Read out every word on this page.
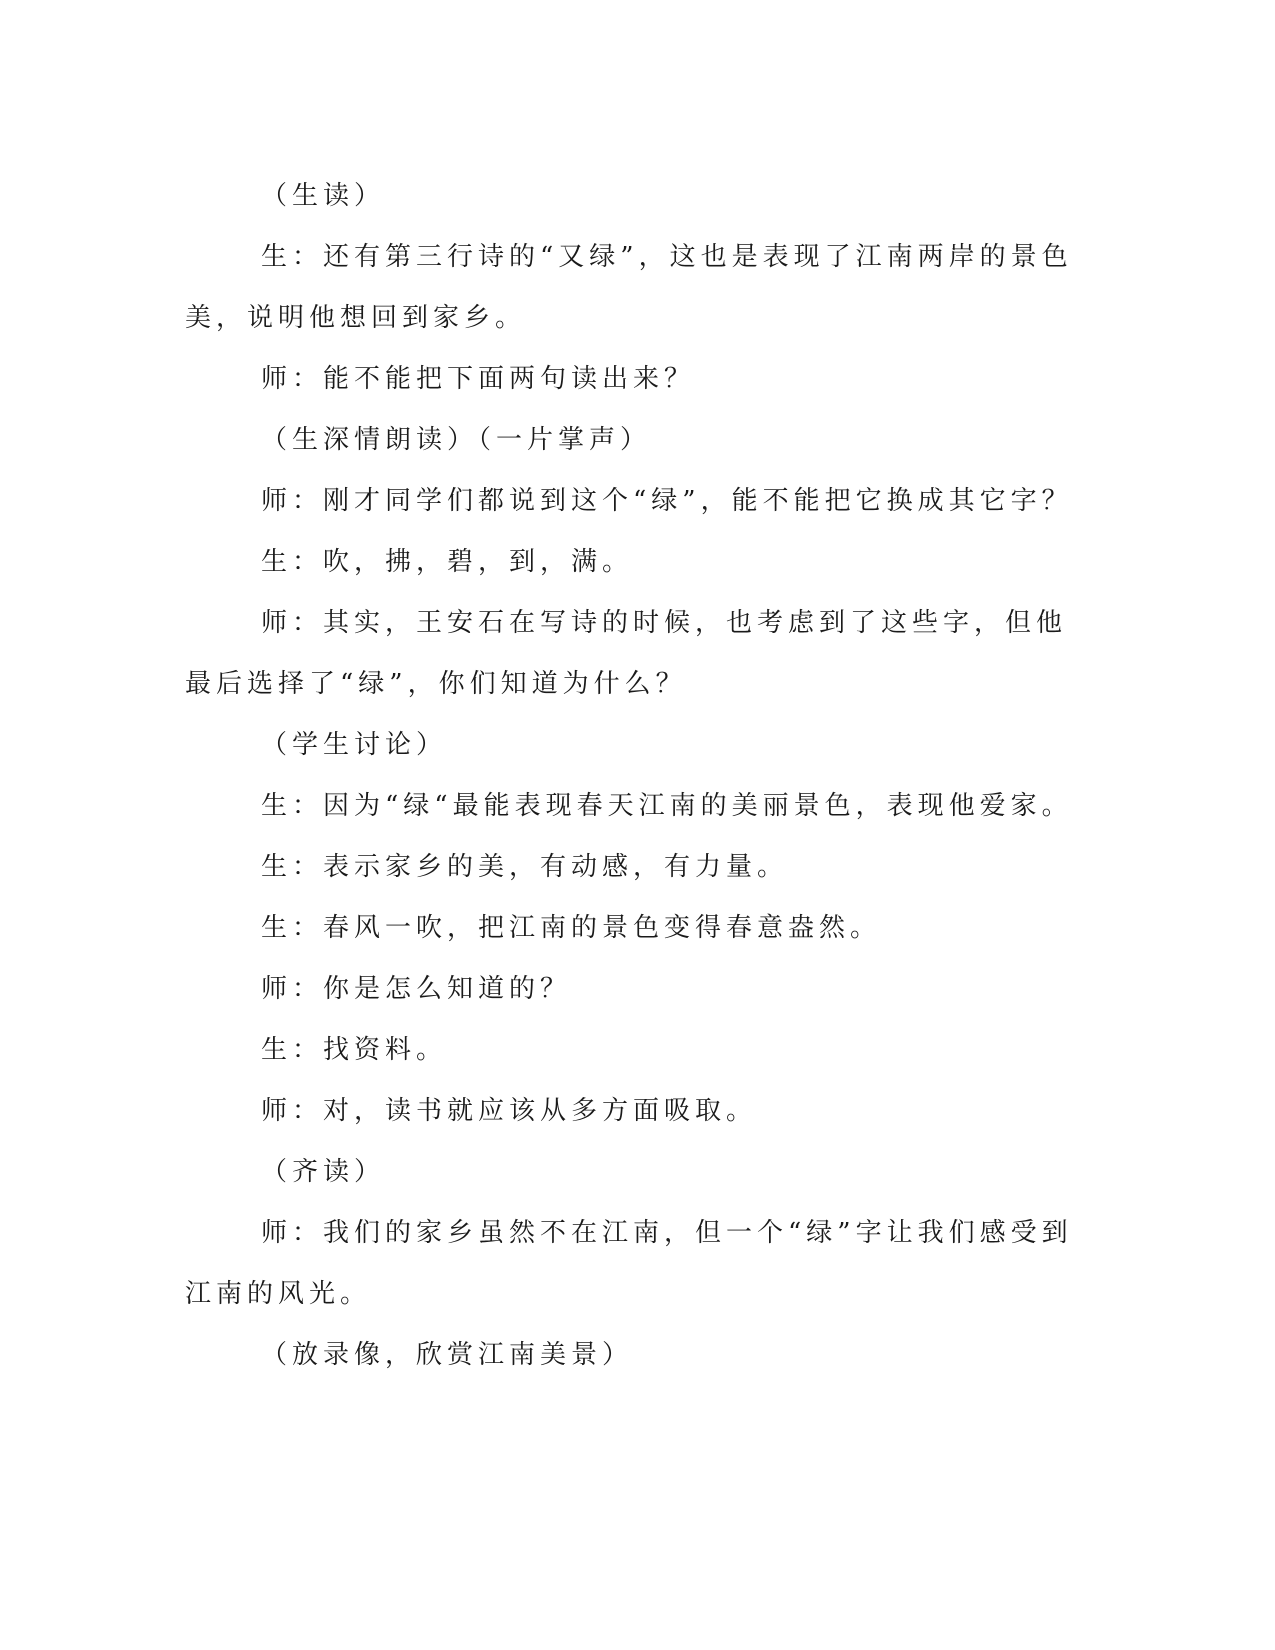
（生读）

生：还有第三行诗的“又绿”，这也是表现了江南两岸的景色美，说明他想回到家乡。

师：能不能把下面两句读出来？

（生深情朗读）（一片掌声）

师：刚才同学们都说到这个“绿”，能不能把它换成其它字？

生：吹，拂，碧，到，满。

师：其实，王安石在写诗的时候，也考虑到了这些字，但他最后选择了“绿”，你们知道为什么？

（学生讨论）

生：因为“绿“最能表现春天江南的美丽景色，表现他爱家。

生：表示家乡的美，有动感，有力量。

生：春风一吹，把江南的景色变得春意盎然。

师：你是怎么知道的？

生：找资料。

师：对，读书就应该从多方面吸取。

（齐读）

师：我们的家乡虽然不在江南，但一个“绿”字让我们感受到江南的风光。

（放录像，欣赏江南美景）
